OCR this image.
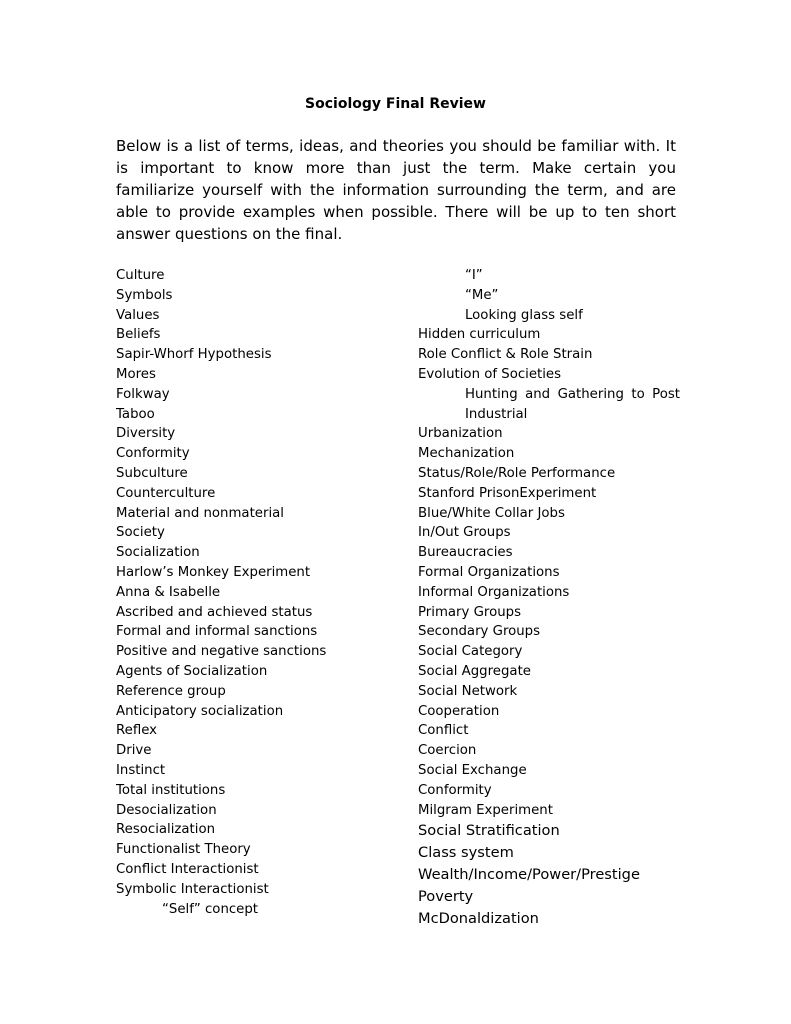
Sociology Final Review
Below is a list of terms, ideas, and theories you should be familiar with. It is important to know more than just the term. Make certain you familiarize yourself with the information surrounding the term, and are able to provide examples when possible. There will be up to ten short answer questions on the final.
Culture
Symbols
Values
Beliefs
Sapir-Whorf Hypothesis
Mores
Folkway
Taboo
Diversity
Conformity
Subculture
Counterculture
Material and nonmaterial
Society
Socialization
Harlow’s Monkey Experiment
Anna & Isabelle
Ascribed and achieved status
Formal and informal sanctions
Positive and negative sanctions
Agents of Socialization
Reference group
Anticipatory socialization
Reflex
Drive
Instinct
Total institutions
Desocialization
Resocialization
Functionalist Theory
Conflict Interactionist
Symbolic Interactionist
“Self” concept
“I”
“Me”
Looking glass self
Hidden curriculum
Role Conflict & Role Strain
Evolution of Societies
Hunting and Gathering to Post
Industrial
Urbanization
Mechanization
Status/Role/Role Performance
Stanford PrisonExperiment
Blue/White Collar Jobs
In/Out Groups
Bureaucracies
Formal Organizations
Informal Organizations
Primary Groups
Secondary Groups
Social Category
Social Aggregate
Social Network
Cooperation
Conflict
Coercion
Social Exchange
Conformity
Milgram Experiment
Social Stratification
Class system
Wealth/Income/Power/Prestige
Poverty
McDonaldization
